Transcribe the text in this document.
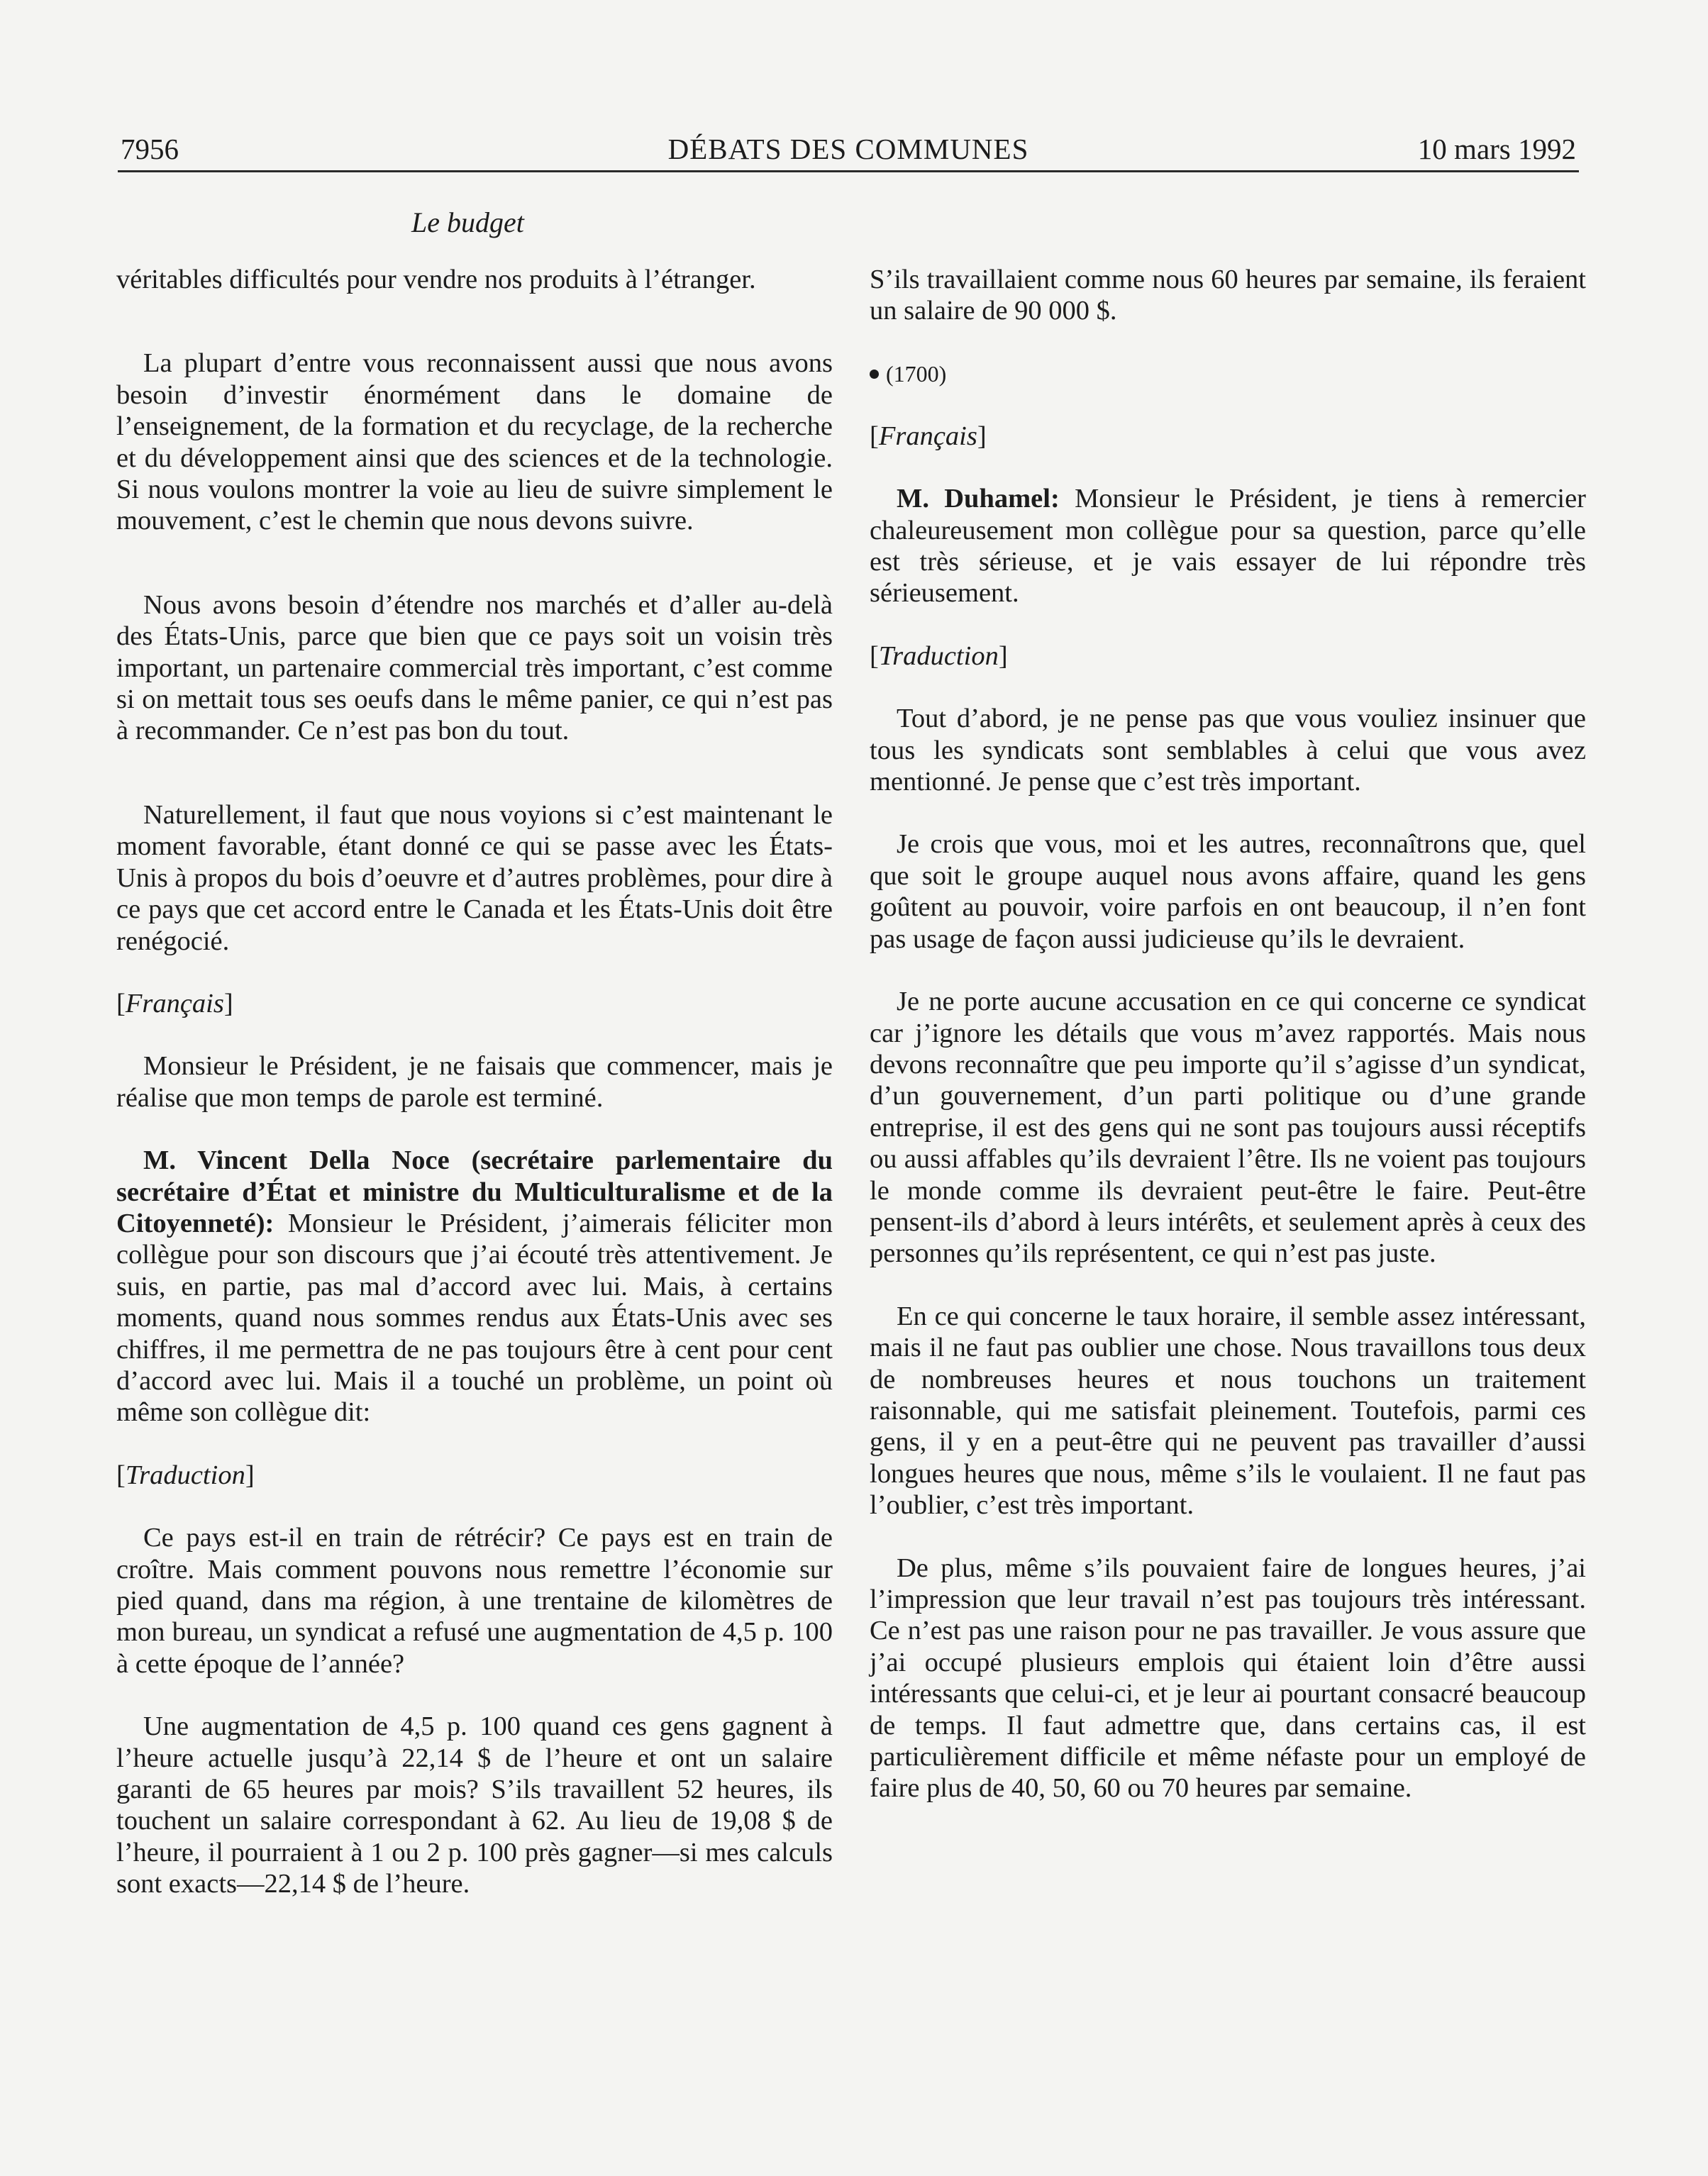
7956	DÉBATS DES COMMUNES	10 mars 1992
Le budget

véritables difficultés pour vendre nos produits à l’étranger.

La plupart d’entre vous reconnaissent aussi que nous avons besoin d’investir énormément dans le domaine de l’enseignement, de la formation et du recyclage, de la recherche et du développement ainsi que des sciences et de la technologie. Si nous voulons montrer la voie au lieu de suivre simplement le mouvement, c’est le chemin que nous devons suivre.

Nous avons besoin d’étendre nos marchés et d’aller au-delà des États-Unis, parce que bien que ce pays soit un voisin très important, un partenaire commercial très important, c’est comme si on mettait tous ses oeufs dans le même panier, ce qui n’est pas à recommander. Ce n’est pas bon du tout.

Naturellement, il faut que nous voyions si c’est maintenant le moment favorable, étant donné ce qui se passe avec les États-Unis à propos du bois d’oeuvre et d’autres problèmes, pour dire à ce pays que cet accord entre le Canada et les États-Unis doit être renégocié.

[Français]

Monsieur le Président, je ne faisais que commencer, mais je réalise que mon temps de parole est terminé.

M. Vincent Della Noce (secrétaire parlementaire du secrétaire d’État et ministre du Multiculturalisme et de la Citoyenneté): Monsieur le Président, j’aimerais féliciter mon collègue pour son discours que j’ai écouté très attentivement. Je suis, en partie, pas mal d’accord avec lui. Mais, à certains moments, quand nous sommes rendus aux États-Unis avec ses chiffres, il me permettra de ne pas toujours être à cent pour cent d’accord avec lui. Mais il a touché un problème, un point où même son collègue dit:

[Traduction]

Ce pays est-il en train de rétrécir? Ce pays est en train de croître. Mais comment pouvons nous remettre l’économie sur pied quand, dans ma région, à une trentaine de kilomètres de mon bureau, un syndicat a refusé une augmentation de 4,5 p. 100 à cette époque de l’année?

Une augmentation de 4,5 p. 100 quand ces gens gagnent à l’heure actuelle jusqu’à 22,14 $ de l’heure et ont un salaire garanti de 65 heures par mois? S’ils travaillent 52 heures, ils touchent un salaire correspondant à 62. Au lieu de 19,08 $ de l’heure, il pourraient à 1 ou 2 p. 100 près gagner—si mes calculs sont exacts—22,14 $ de l’heure.

S’ils travaillaient comme nous 60 heures par semaine, ils feraient un salaire de 90 000 $.

(1700)
[Français]

M. Duhamel: Monsieur le Président, je tiens à remercier chaleureusement mon collègue pour sa question, parce qu’elle est très sérieuse, et je vais essayer de lui répondre très sérieusement.

[Traduction]

Tout d’abord, je ne pense pas que vous vouliez insinuer que tous les syndicats sont semblables à celui que vous avez mentionné. Je pense que c’est très important.

Je crois que vous, moi et les autres, reconnaîtrons que, quel que soit le groupe auquel nous avons affaire, quand les gens goûtent au pouvoir, voire parfois en ont beaucoup, il n’en font pas usage de façon aussi judicieuse qu’ils le devraient.

Je ne porte aucune accusation en ce qui concerne ce syndicat car j’ignore les détails que vous m’avez rapportés. Mais nous devons reconnaître que peu importe qu’il s’agisse d’un syndicat, d’un gouvernement, d’un parti politique ou d’une grande entreprise, il est des gens qui ne sont pas toujours aussi réceptifs ou aussi affables qu’ils devraient l’être. Ils ne voient pas toujours le monde comme ils devraient peut-être le faire. Peut-être pensent-ils d’abord à leurs intérêts, et seulement après à ceux des personnes qu’ils représentent, ce qui n’est pas juste.

En ce qui concerne le taux horaire, il semble assez intéressant, mais il ne faut pas oublier une chose. Nous travaillons tous deux de nombreuses heures et nous touchons un traitement raisonnable, qui me satisfait pleinement. Toutefois, parmi ces gens, il y en a peut-être qui ne peuvent pas travailler d’aussi longues heures que nous, même s’ils le voulaient. Il ne faut pas l’oublier, c’est très important.

De plus, même s’ils pouvaient faire de longues heures, j’ai l’impression que leur travail n’est pas toujours très intéressant. Ce n’est pas une raison pour ne pas travailler. Je vous assure que j’ai occupé plusieurs emplois qui étaient loin d’être aussi intéressants que celui-ci, et je leur ai pourtant consacré beaucoup de temps. Il faut admettre que, dans certains cas, il est particulièrement difficile et même néfaste pour un employé de faire plus de 40, 50, 60 ou 70 heures par semaine.
